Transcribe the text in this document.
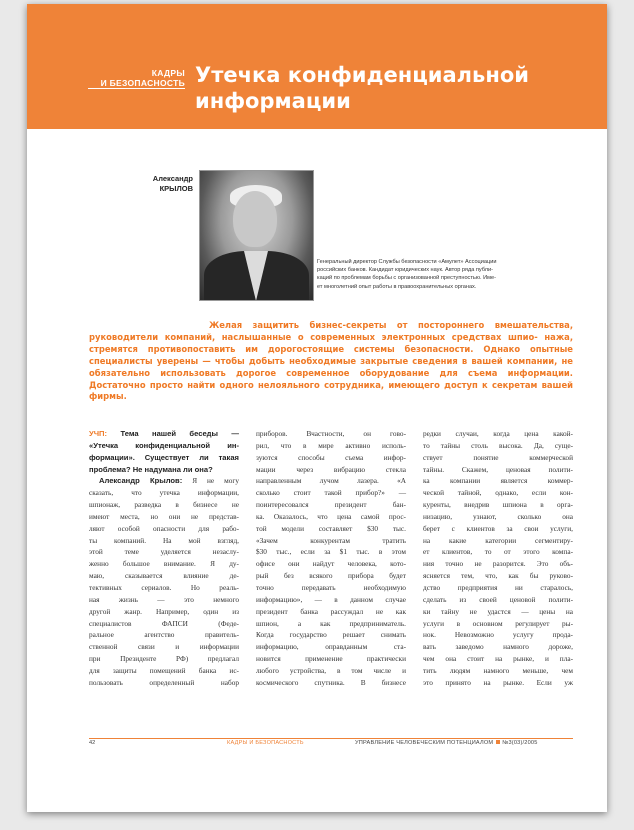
КАДРЫ
И БЕЗОПАСНОСТЬ Утечка конфиденциальной
информации
Александр
КРЫЛОВ
Генеральный директор Службы безопасности «Амулет» Ассоциации
российских банков. Кандидат юридических наук. Автор ряда публи-
каций по проблемам борьбы с организованной преступностью. Име-
ет многолетний опыт работы в правоохранительных органах.
Желая защитить бизнес-секреты от постороннего вмешательства, руководители компаний, наслышанные о современных электронных средствах шпио- нажа, стремятся противопоставить им дорогостоящие системы безопасности. Однако опытные специалисты уверены — чтобы добыть необходимые закрытые сведения в вашей компании, не обязательно использовать дорогое современное оборудование для съема информации. Достаточно просто найти одного нелояльного сотрудника, имеющего доступ к секретам вашей фирмы.
УЧП: Тема нашей беседы —
«Утечка конфиденциальной ин-
формации». Существует ли такая
проблема? Не надумана ли она?
Александр Крылов: Я не могу
сказать, что утечка информации,
шпионаж, разведка в бизнесе не
имеют места, но они не представ-
ляют особой опасности для рабо-
ты компаний. На мой взгляд,
этой теме уделяется незаслу-
женно большое внимание. Я ду-
маю, сказывается влияние де-
тективных сериалов. Но реаль-
ная жизнь — это немного
другой жанр. Например, один из
специалистов ФАПСИ (Феде-
ральное агентство правитель-
ственной связи и информации
при Президенте РФ) предлагал
для защиты помещений банка ис-
пользовать определенный набор
приборов. Вчастности, он гово-
рил, что в мире активно исполь-
зуются способы съема инфор-
мации через вибрацию стекла
направленным лучом лазера. «А
сколько стоит такой прибор?» —
поинтересовался президент бан-
ка. Оказалось, что цена самой прос-
той модели составляет $30 тыс.
«Зачем конкурентам тратить
$30 тыс., если за $1 тыс. в этом
офисе они найдут человека, кото-
рый без всякого прибора будет
точно передавать необходимую
информацию», — в данном случае
президент банка рассуждал не как
шпион, а как предприниматель.
Когда государство решает снимать
информацию, оправданным ста-
новится применение практически
любого устройства, в том числе и
космического спутника. В бизнесе
редки случаи, когда цена какой-
то тайны столь высока. Да, суще-
ствует понятие коммерческой
тайны. Скажем, ценовая полити-
ка компании является коммер-
ческой тайной, однако, если кон-
куренты, внедрив шпиона в орга-
низацию, узнают, сколько она
берет с клиентов за свои услуги,
на какие категории сегментиру-
ет клиентов, то от этого компа-
ния точно не разорится. Это объ-
ясняется тем, что, как бы руково-
дство предприятия ни старалось,
сделать из своей ценовой полити-
ки тайну не удастся — цены на
услуги в основном регулирует ры-
нок. Невозможно услугу прода-
вать заведомо намного дороже,
чем она стоит на рынке, и пла-
тить людям намного меньше, чем
это принято на рынке. Если уж
42	КАДРЫ И БЕЗОПАСНОСТЬ	УПРАВЛЕНИЕ ЧЕЛОВЕЧЕСКИМ ПОТЕНЦИАЛОМ №3(03)/2005
